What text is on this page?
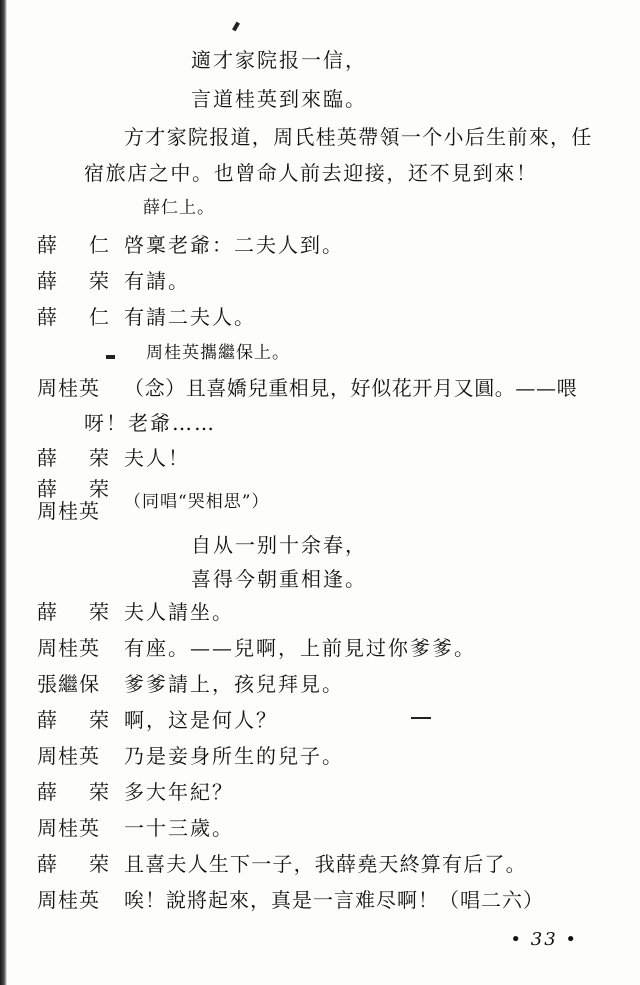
適才家院报一信，
言道桂英到來臨。
方才家院报道，周氏桂英帶領一个小后生前來，任
宿旅店之中。也曾命人前去迎接，还不見到來！
薛仁上。
薛　仁 啓稟老爺：二夫人到。
薛　荣 有請。
薛　仁 有請二夫人。
周桂英攜繼保上。
周桂英 （念）且喜嬌兒重相見，好似花开月又圓。——喂
呀！老爺……
薛　荣 夫人！
薛　荣
周桂英 （同唱“哭相思”）
自从一别十余春，
喜得今朝重相逢。
薛　荣 夫人請坐。
周桂英 有座。——兒啊，上前見过你爹爹。
張繼保 爹爹請上，孩兒拜見。
薛　荣 啊，这是何人？
周桂英 乃是妾身所生的兒子。
薛　荣 多大年紀？
周桂英 一十三歲。
薛　荣 且喜夫人生下一子，我薛堯天終算有后了。
周桂英 唉！說將起來，真是一言难尽啊！（唱二六）
• 33 •
